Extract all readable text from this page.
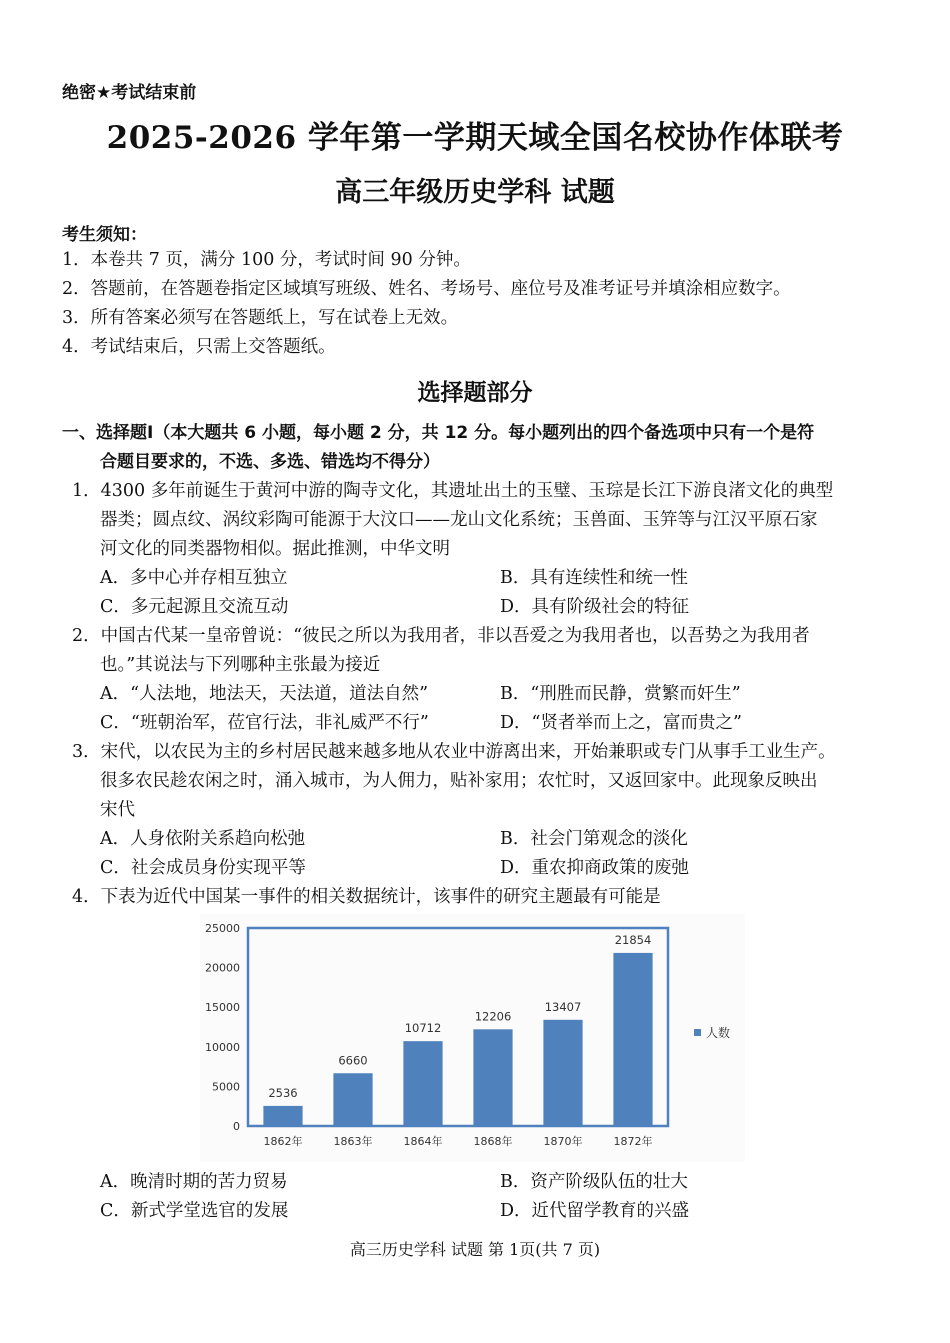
绝密★考试结束前
2025-2026 学年第一学期天域全国名校协作体联考
高三年级历史学科 试题
考生须知：
1．本卷共 7 页，满分 100 分，考试时间 90 分钟。
2．答题前，在答题卷指定区域填写班级、姓名、考场号、座位号及准考证号并填涂相应数字。
3．所有答案必须写在答题纸上，写在试卷上无效。
4．考试结束后，只需上交答题纸。
选择题部分
一、选择题Ⅰ（本大题共 6 小题，每小题 2 分，共 12 分。每小题列出的四个备选项中只有一个是符
合题目要求的，不选、多选、错选均不得分）
1．4300 多年前诞生于黄河中游的陶寺文化，其遗址出土的玉璧、玉琮是长江下游良渚文化的典型
器类；圆点纹、涡纹彩陶可能源于大汶口——龙山文化系统；玉兽面、玉笄等与江汉平原石家
河文化的同类器物相似。据此推测，中华文明
A．多中心并存相互独立	B．具有连续性和统一性
C．多元起源且交流互动	D．具有阶级社会的特征
2．中国古代某一皇帝曾说：“彼民之所以为我用者，非以吾爱之为我用者也，以吾势之为我用者
也。”其说法与下列哪种主张最为接近
A．“人法地，地法天，天法道，道法自然”	B．“刑胜而民静，赏繁而奸生”
C．“班朝治军，莅官行法，非礼威严不行”	D．“贤者举而上之，富而贵之”
3．宋代，以农民为主的乡村居民越来越多地从农业中游离出来，开始兼职或专门从事手工业生产。
很多农民趁农闲之时，涌入城市，为人佣力，贴补家用；农忙时，又返回家中。此现象反映出
宋代
A．人身依附关系趋向松弛	B．社会门第观念的淡化
C．社会成员身份实现平等	D．重农抑商政策的废弛
4．下表为近代中国某一事件的相关数据统计，该事件的研究主题最有可能是
0
5000
10000
15000
20000
25000
2536
1862年
6660
1863年
10712
1864年
12206
1868年
13407
1870年
21854
1872年
人数
A．晚清时期的苦力贸易	B．资产阶级队伍的壮大
C．新式学堂选官的发展	D．近代留学教育的兴盛
高三历史学科 试题 第 1页(共 7 页)
